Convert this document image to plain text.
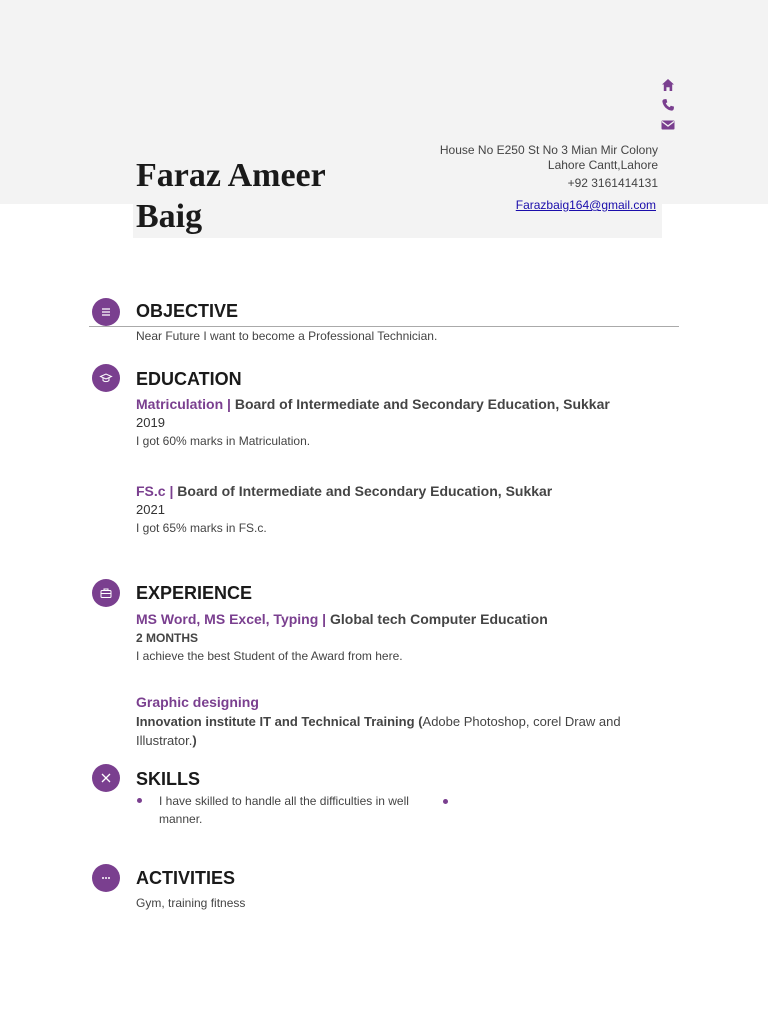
Faraz Ameer
Baig
House No E250 St No 3 Mian Mir Colony Lahore Cantt,Lahore
+92 3161414131
Farazbaig164@gmail.com
OBJECTIVE

Near Future I want to become a Professional Technician.

EDUCATION

Matriculation | Board of Intermediate and Secondary Education, Sukkar

2019

I got 60% marks in Matriculation.

FS.c | Board of Intermediate and Secondary Education, Sukkar

2021

I got 65% marks in FS.c.

EXPERIENCE

MS Word, MS Excel, Typing | Global tech Computer Education

2 MONTHS

I achieve the best Student of the Award from here.

Graphic designing

Innovation institute IT and Technical Training (Adobe Photoshop, corel Draw and Illustrator.)

SKILLS
I have skilled to handle all the difficulties in well manner.
ACTIVITIES

Gym, training fitness
